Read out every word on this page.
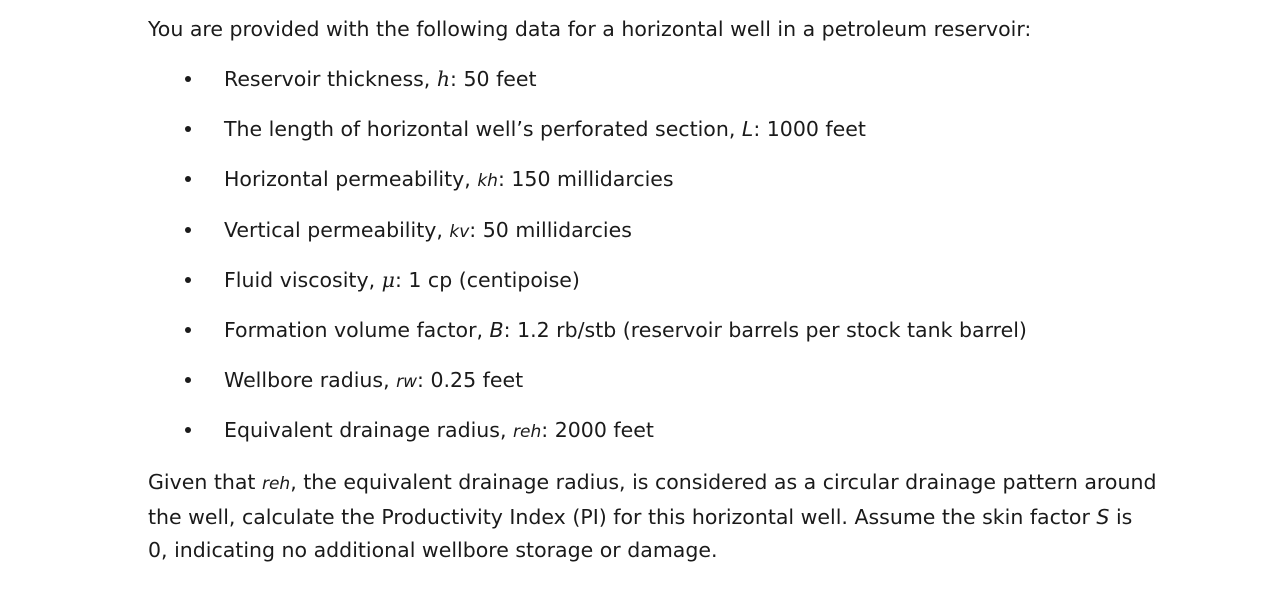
You are provided with the following data for a horizontal well in a petroleum reservoir:
Reservoir thickness, h: 50 feet
The length of horizontal well’s perforated section, L: 1000 feet
Horizontal permeability, kh: 150 millidarcies
Vertical permeability, kv: 50 millidarcies
Fluid viscosity, μ: 1 cp (centipoise)
Formation volume factor, B: 1.2 rb/stb (reservoir barrels per stock tank barrel)
Wellbore radius, rw: 0.25 feet
Equivalent drainage radius, reh: 2000 feet
Given that reh, the equivalent drainage radius, is considered as a circular drainage pattern around
the well, calculate the Productivity Index (PI) for this horizontal well. Assume the skin factor S is
0, indicating no additional wellbore storage or damage.
